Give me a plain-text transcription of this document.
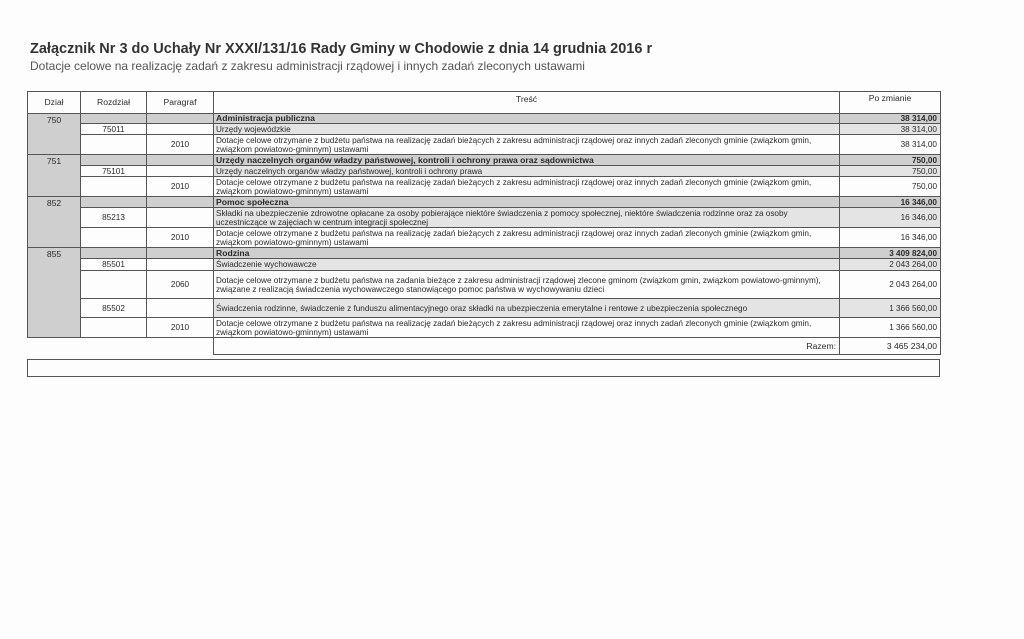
Załącznik Nr 3 do Uchały Nr XXXI/131/16 Rady Gminy w Chodowie z dnia 14 grudnia 2016 r
Dotacje celowe na realizację zadań z zakresu administracji rządowej i innych zadań zleconych ustawami
Dział	Rozdział	Paragraf	Treść	Po zmianie
750			Administracja publiczna	38 314,00
	75011		Urzędy wojewódzkie	38 314,00
		2010	Dotacje celowe otrzymane z budżetu państwa na realizację zadań bieżących z zakresu administracji rządowej oraz innych zadań zleconych gminie (związkom gmin, związkom powiatowo-gminnym) ustawami	38 314,00
751			Urzędy naczelnych organów władzy państwowej, kontroli i ochrony prawa oraz sądownictwa	750,00
	75101		Urzędy naczelnych organów władzy państwowej, kontroli i ochrony prawa	750,00
		2010	Dotacje celowe otrzymane z budżetu państwa na realizację zadań bieżących z zakresu administracji rządowej oraz innych zadań zleconych gminie (związkom gmin, związkom powiatowo-gminnym) ustawami	750,00
852			Pomoc społeczna	16 346,00
	85213		Składki na ubezpieczenie zdrowotne opłacane za osoby pobierające niektóre świadczenia z pomocy społecznej, niektóre świadczenia rodzinne oraz za osoby uczestniczące w zajęciach w centrum integracji społecznej	16 346,00
		2010	Dotacje celowe otrzymane z budżetu państwa na realizację zadań bieżących z zakresu administracji rządowej oraz innych zadań zleconych gminie (związkom gmin, związkom powiatowo-gminnym) ustawami	16 346,00
855			Rodzina	3 409 824,00
	85501		Świadczenie wychowawcze	2 043 264,00
		2060	Dotacje celowe otrzymane z budżetu państwa na zadania bieżące z zakresu administracji rządowej zlecone gminom (związkom gmin, związkom powiatowo-gminnym), związane z realizacją świadczenia wychowawczego stanowiącego pomoc państwa w wychowywaniu dzieci	2 043 264,00
	85502		Świadczenia rodzinne, świadczenie z funduszu alimentacyjnego oraz składki na ubezpieczenia emerytalne i rentowe z ubezpieczenia społecznego	1 366 560,00
		2010	Dotacje celowe otrzymane z budżetu państwa na realizację zadań bieżących z zakresu administracji rządowej oraz innych zadań zleconych gminie (związkom gmin, związkom powiatowo-gminnym) ustawami	1 366 560,00
			Razem:	3 465 234,00
